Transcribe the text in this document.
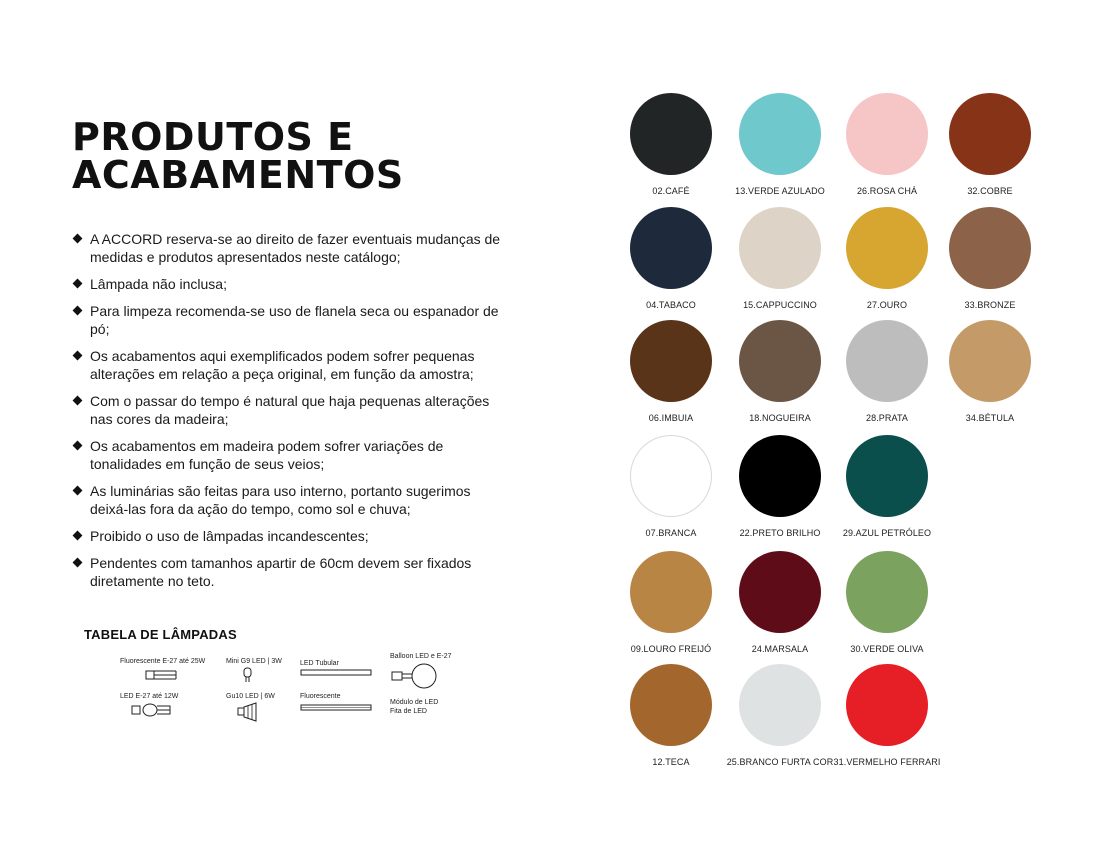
PRODUTOS E
ACABAMENTOS
A ACCORD reserva-se ao direito de fazer eventuais mudanças de medidas e produtos apresentados neste catálogo;
Lâmpada não inclusa;
Para limpeza recomenda-se uso de flanela seca ou espanador de pó;
Os acabamentos aqui exemplificados podem sofrer pequenas alterações em relação a peça original, em função da amostra;
Com o passar do tempo é natural que haja pequenas alterações nas cores da madeira;
Os acabamentos em madeira podem sofrer variações de tonalidades em função de seus veios;
As luminárias são feitas para uso interno, portanto sugerimos deixá-las fora da ação do tempo, como sol e chuva;
Proibido o uso de lâmpadas incandescentes;
Pendentes com tamanhos apartir de 60cm devem ser fixados diretamente no teto.
TABELA DE LÂMPADAS
Fluorescente E-27 até 25W	Mini G9 LED | 3W	LED Tubular
Balloon LED e E-27
LED E-27 até 12W	Gu10 LED | 6W	Fluorescente
Módulo de LED
Fita de LED
02.CAFÉ	13.VERDE AZULADO	26.ROSA CHÁ	32.COBRE
04.TABACO	15.CAPPUCCINO	27.OURO	33.BRONZE
06.IMBUIA	18.NOGUEIRA	28.PRATA	34.BÉTULA
07.BRANCA	22.PRETO BRILHO	29.AZUL PETRÓLEO
09.LOURO FREIJÓ	24.MARSALA	30.VERDE OLIVA
12.TECA	25.BRANCO FURTA COR 31.VERMELHO FERRARI
